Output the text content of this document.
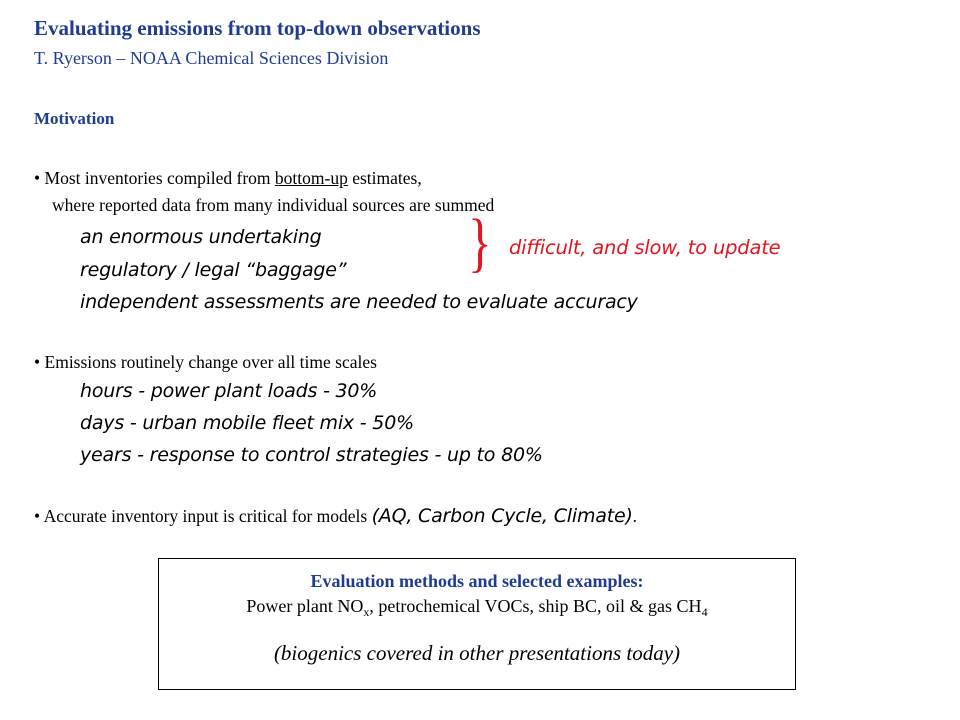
Evaluating emissions from top-down observations
T. Ryerson – NOAA Chemical Sciences Division
Motivation
• Most inventories compiled from bottom-up estimates,
where reported data from many individual sources are summed
an enormous undertaking
regulatory / legal “baggage”
independent assessments are needed to evaluate accuracy
} difficult, and slow, to update
• Emissions routinely change over all time scales
hours - power plant loads - 30%
days - urban mobile fleet mix - 50%
years - response to control strategies - up to 80%
• Accurate inventory input is critical for models (AQ, Carbon Cycle, Climate).
Evaluation methods and selected examples:
Power plant $NO_x$, petrochemical VOCs, ship BC, oil & gas $CH_4$
(biogenics covered in other presentations today)
